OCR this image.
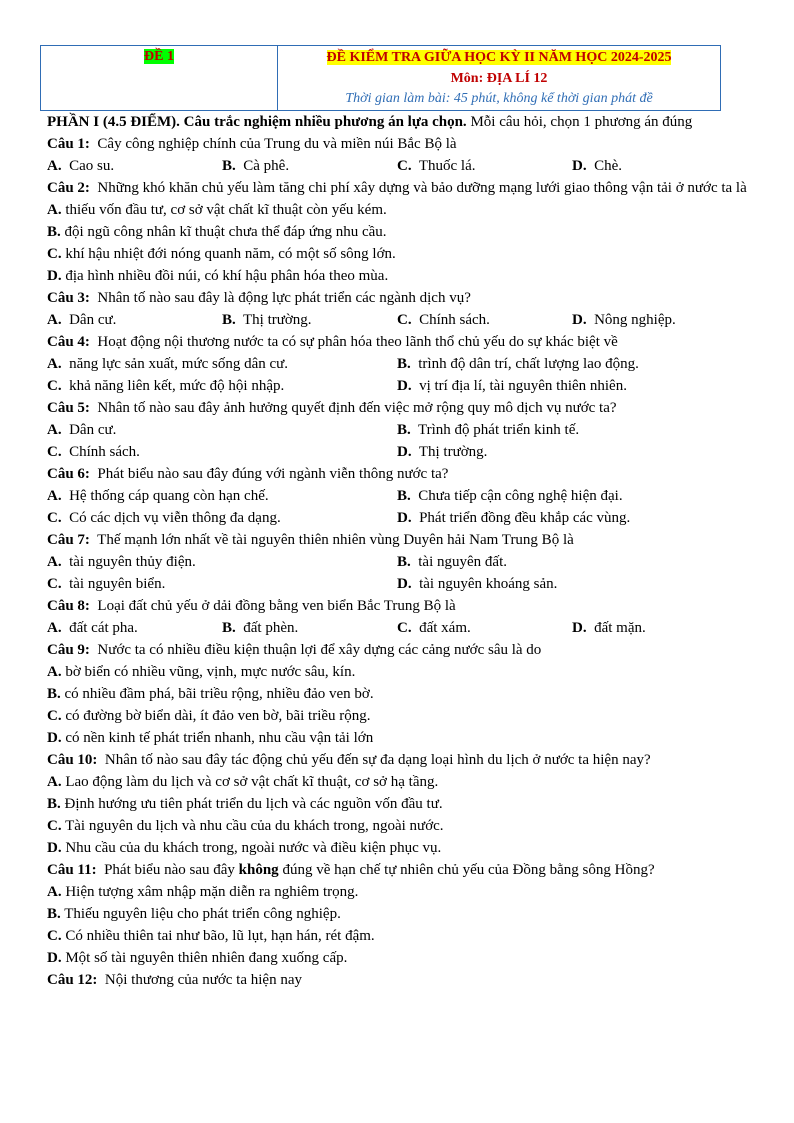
ĐỀ 1	ĐỀ KIỂM TRA GIỮA HỌC KỲ II NĂM HỌC 2024-2025
Môn: ĐỊA LÍ 12
Thời gian làm bài: 45 phút, không kể thời gian phát đề
PHẦN I (4.5 ĐIỂM). Câu trắc nghiệm nhiều phương án lựa chọn. Mỗi câu hỏi, chọn 1 phương án đúng
Câu 1: Cây công nghiệp chính của Trung du và miền núi Bắc Bộ là
A. Cao su.	B. Cà phê.	C. Thuốc lá.	D. Chè.
Câu 2: Những khó khăn chủ yếu làm tăng chi phí xây dựng và bảo dưỡng mạng lưới giao thông vận tải ở nước ta là
A. thiếu vốn đầu tư, cơ sở vật chất kĩ thuật còn yếu kém.
B. đội ngũ công nhân kĩ thuật chưa thể đáp ứng nhu cầu.
C. khí hậu nhiệt đới nóng quanh năm, có một số sông lớn.
D. địa hình nhiều đồi núi, có khí hậu phân hóa theo mùa.
Câu 3: Nhân tố nào sau đây là động lực phát triển các ngành dịch vụ?
A. Dân cư.	B. Thị trường.	C. Chính sách.	D. Nông nghiệp.
Câu 4: Hoạt động nội thương nước ta có sự phân hóa theo lãnh thổ chủ yếu do sự khác biệt về
A. năng lực sản xuất, mức sống dân cư.	B. trình độ dân trí, chất lượng lao động.
C. khả năng liên kết, mức độ hội nhập.	D. vị trí địa lí, tài nguyên thiên nhiên.
Câu 5: Nhân tố nào sau đây ảnh hưởng quyết định đến việc mở rộng quy mô dịch vụ nước ta?
A. Dân cư.	B. Trình độ phát triển kinh tế.
C. Chính sách.	D. Thị trường.
Câu 6: Phát biểu nào sau đây đúng với ngành viễn thông nước ta?
A. Hệ thống cáp quang còn hạn chế.	B. Chưa tiếp cận công nghệ hiện đại.
C. Có các dịch vụ viễn thông đa dạng.	D. Phát triển đồng đều khắp các vùng.
Câu 7: Thế mạnh lớn nhất về tài nguyên thiên nhiên vùng Duyên hải Nam Trung Bộ là
A. tài nguyên thủy điện.	B. tài nguyên đất.
C. tài nguyên biển.	D. tài nguyên khoáng sản.
Câu 8: Loại đất chủ yếu ở dải đồng bằng ven biển Bắc Trung Bộ là
A. đất cát pha.	B. đất phèn.	C. đất xám.	D. đất mặn.
Câu 9: Nước ta có nhiều điều kiện thuận lợi để xây dựng các cảng nước sâu là do
A. bờ biển có nhiều vũng, vịnh, mực nước sâu, kín.
B. có nhiều đầm phá, bãi triều rộng, nhiều đảo ven bờ.
C. có đường bờ biển dài, ít đảo ven bờ, bãi triều rộng.
D. có nền kinh tế phát triển nhanh, nhu cầu vận tải lớn
Câu 10: Nhân tố nào sau đây tác động chủ yếu đến sự đa dạng loại hình du lịch ở nước ta hiện nay?
A. Lao động làm du lịch và cơ sở vật chất kĩ thuật, cơ sở hạ tầng.
B. Định hướng ưu tiên phát triển du lịch và các nguồn vốn đầu tư.
C. Tài nguyên du lịch và nhu cầu của du khách trong, ngoài nước.
D. Nhu cầu của du khách trong, ngoài nước và điều kiện phục vụ.
Câu 11: Phát biểu nào sau đây không đúng về hạn chế tự nhiên chủ yếu của Đồng bằng sông Hồng?
A. Hiện tượng xâm nhập mặn diễn ra nghiêm trọng.
B. Thiếu nguyên liệu cho phát triển công nghiệp.
C. Có nhiều thiên tai như bão, lũ lụt, hạn hán, rét đậm.
D. Một số tài nguyên thiên nhiên đang xuống cấp.
Câu 12: Nội thương của nước ta hiện nay
